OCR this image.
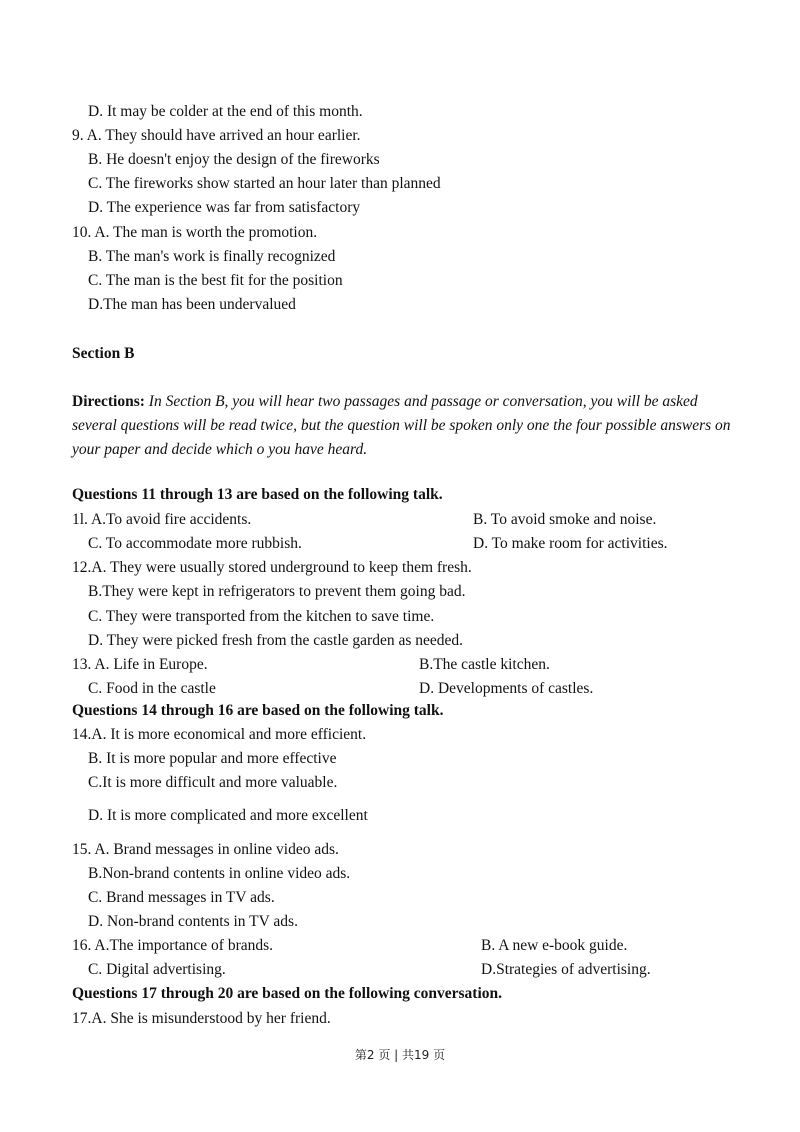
D. It may be colder at the end of this month.
9. A. They should have arrived an hour earlier.
B. He doesn't enjoy the design of the fireworks
C. The fireworks show started an hour later than planned
D. The experience was far from satisfactory
10. A. The man is worth the promotion.
B. The man's work is finally recognized
C. The man is the best fit for the position
D.The man has been undervalued
Section B
Directions: In Section B, you will hear two passages and passage or conversation, you will be asked several questions will be read twice, but the question will be spoken only one the four possible answers on your paper and decide which o you have heard.
Questions 11 through 13 are based on the following talk.
1l. A.To avoid fire accidents.	B. To avoid smoke and noise.
C. To accommodate more rubbish.	D. To make room for activities.
12.A. They were usually stored underground to keep them fresh.
B.They were kept in refrigerators to prevent them going bad.
C. They were transported from the kitchen to save time.
D. They were picked fresh from the castle garden as needed.
13. A. Life in Europe.	B.The castle kitchen.
C. Food in the castle	D. Developments of castles.
Questions 14 through 16 are based on the following talk.
14.A. It is more economical and more efficient.
B. It is more popular and more effective
C.It is more difficult and more valuable.
D. It is more complicated and more excellent
15. A. Brand messages in online video ads.
B.Non-brand contents in online video ads.
C. Brand messages in TV ads.
D. Non-brand contents in TV ads.
16. A.The importance of brands.	B. A new e-book guide.
C. Digital advertising.	D.Strategies of advertising.
Questions 17 through 20 are based on the following conversation.
17.A. She is misunderstood by her friend.
第2 页 | 共19 页
